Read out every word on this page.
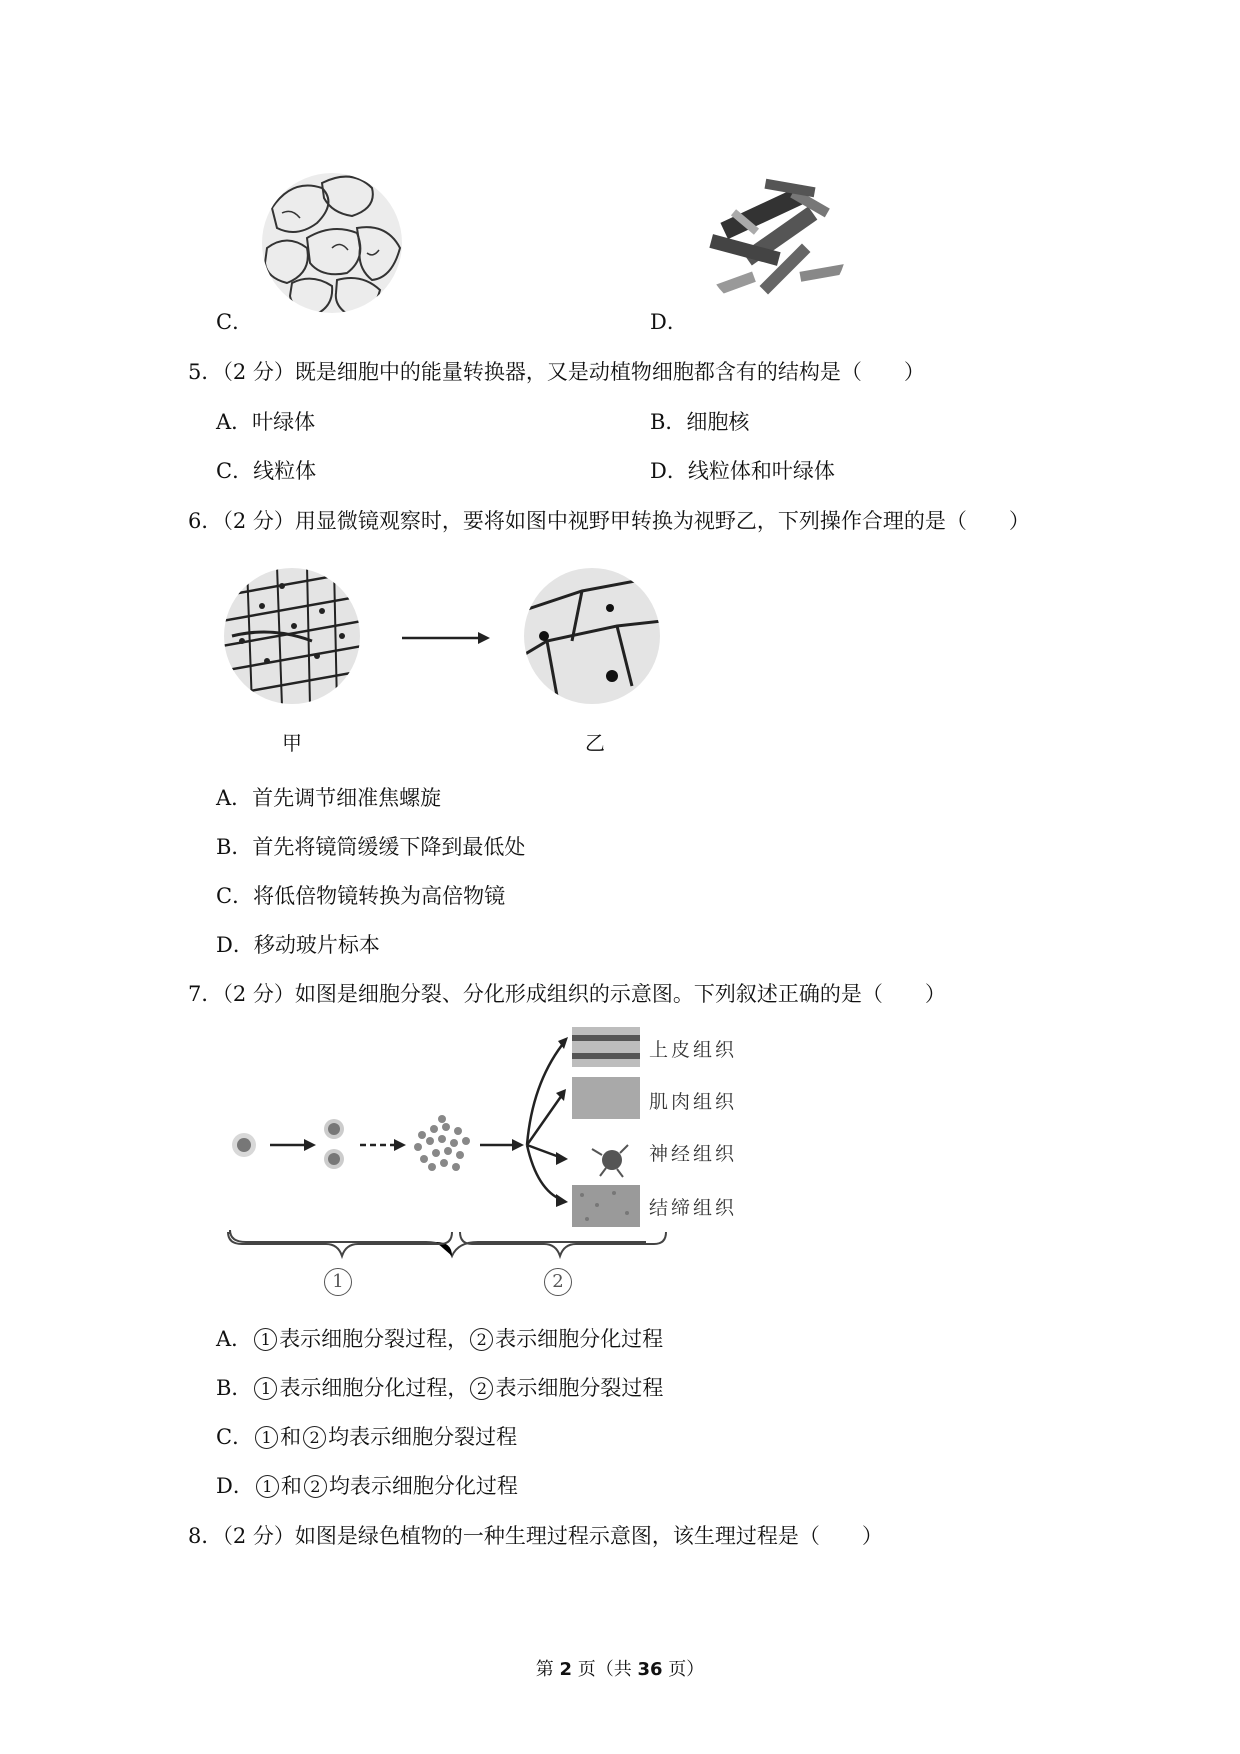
C．	D．
5．（2 分）既是细胞中的能量转换器，又是动植物细胞都含有的结构是（　　）
A．叶绿体	B．细胞核
C．线粒体	D．线粒体和叶绿体
6．（2 分）用显微镜观察时，要将如图中视野甲转换为视野乙，下列操作合理的是（　　）
甲	乙
A．首先调节细准焦螺旋
B．首先将镜筒缓缓下降到最低处
C．将低倍物镜转换为高倍物镜
D．移动玻片标本
7．（2 分）如图是细胞分裂、分化形成组织的示意图。下列叙述正确的是（　　）
上皮组织
肌肉组织
神经组织
结缔组织
1	2
A． 1 表示细胞分裂过程， 2 表示细胞分化过程
B． 1 表示细胞分化过程， 2 表示细胞分裂过程
C． 1 和 2 均表示细胞分裂过程
D． 1 和 2 均表示细胞分化过程
8．（2 分）如图是绿色植物的一种生理过程示意图，该生理过程是（　　）
第 2 页（共 36 页）
